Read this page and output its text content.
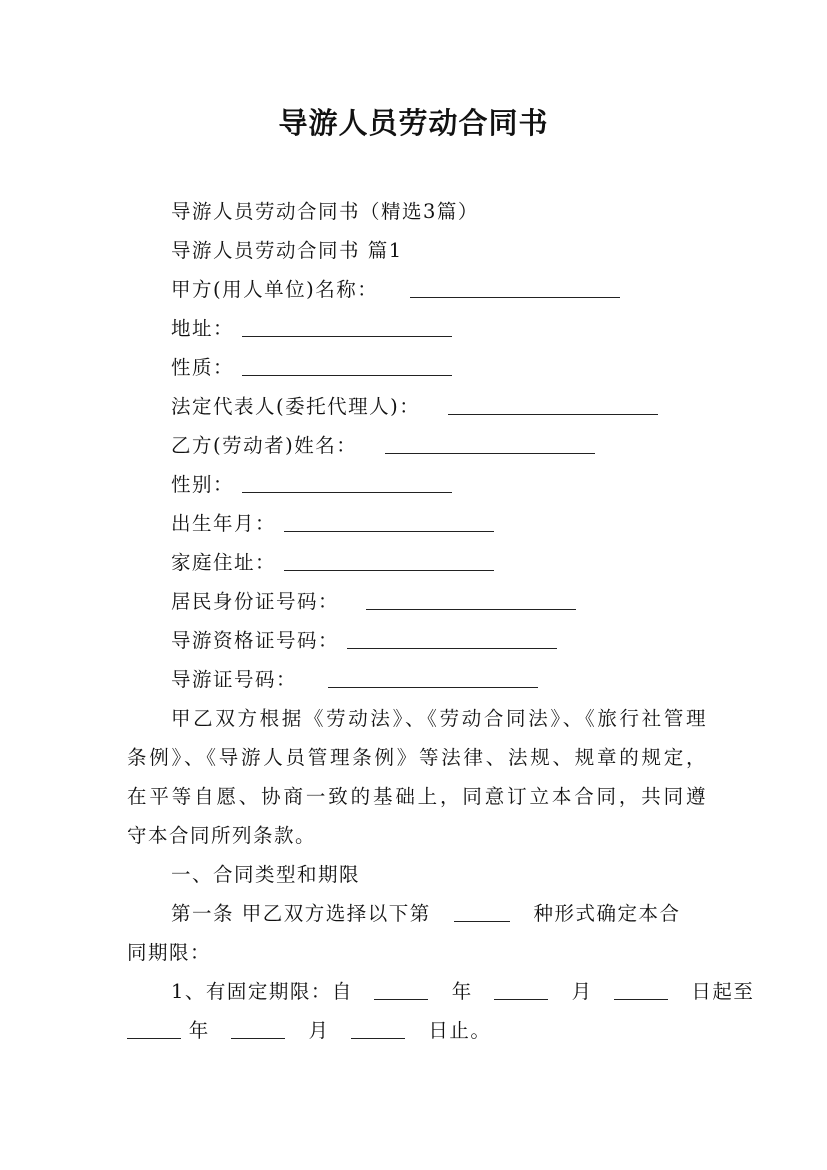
导游人员劳动合同书
导游人员劳动合同书（精选3篇）
导游人员劳动合同书 篇1
甲方(用人单位)名称：
地址：
性质：
法定代表人(委托代理人)：
乙方(劳动者)姓名：
性别：
出生年月：
家庭住址：
居民身份证号码：
导游资格证号码：
导游证号码：
甲乙双方根据《劳动法》、《劳动合同法》、《旅行社管理
条例》、《导游人员管理条例》等法律、法规、规章的规定，
在平等自愿、协商一致的基础上，同意订立本合同，共同遵
守本合同所列条款。
一、合同类型和期限
第一条 甲乙双方选择以下第	种形式确定本合
同期限：
1、有固定期限：自	年	月	日起至
年	月	日止。
